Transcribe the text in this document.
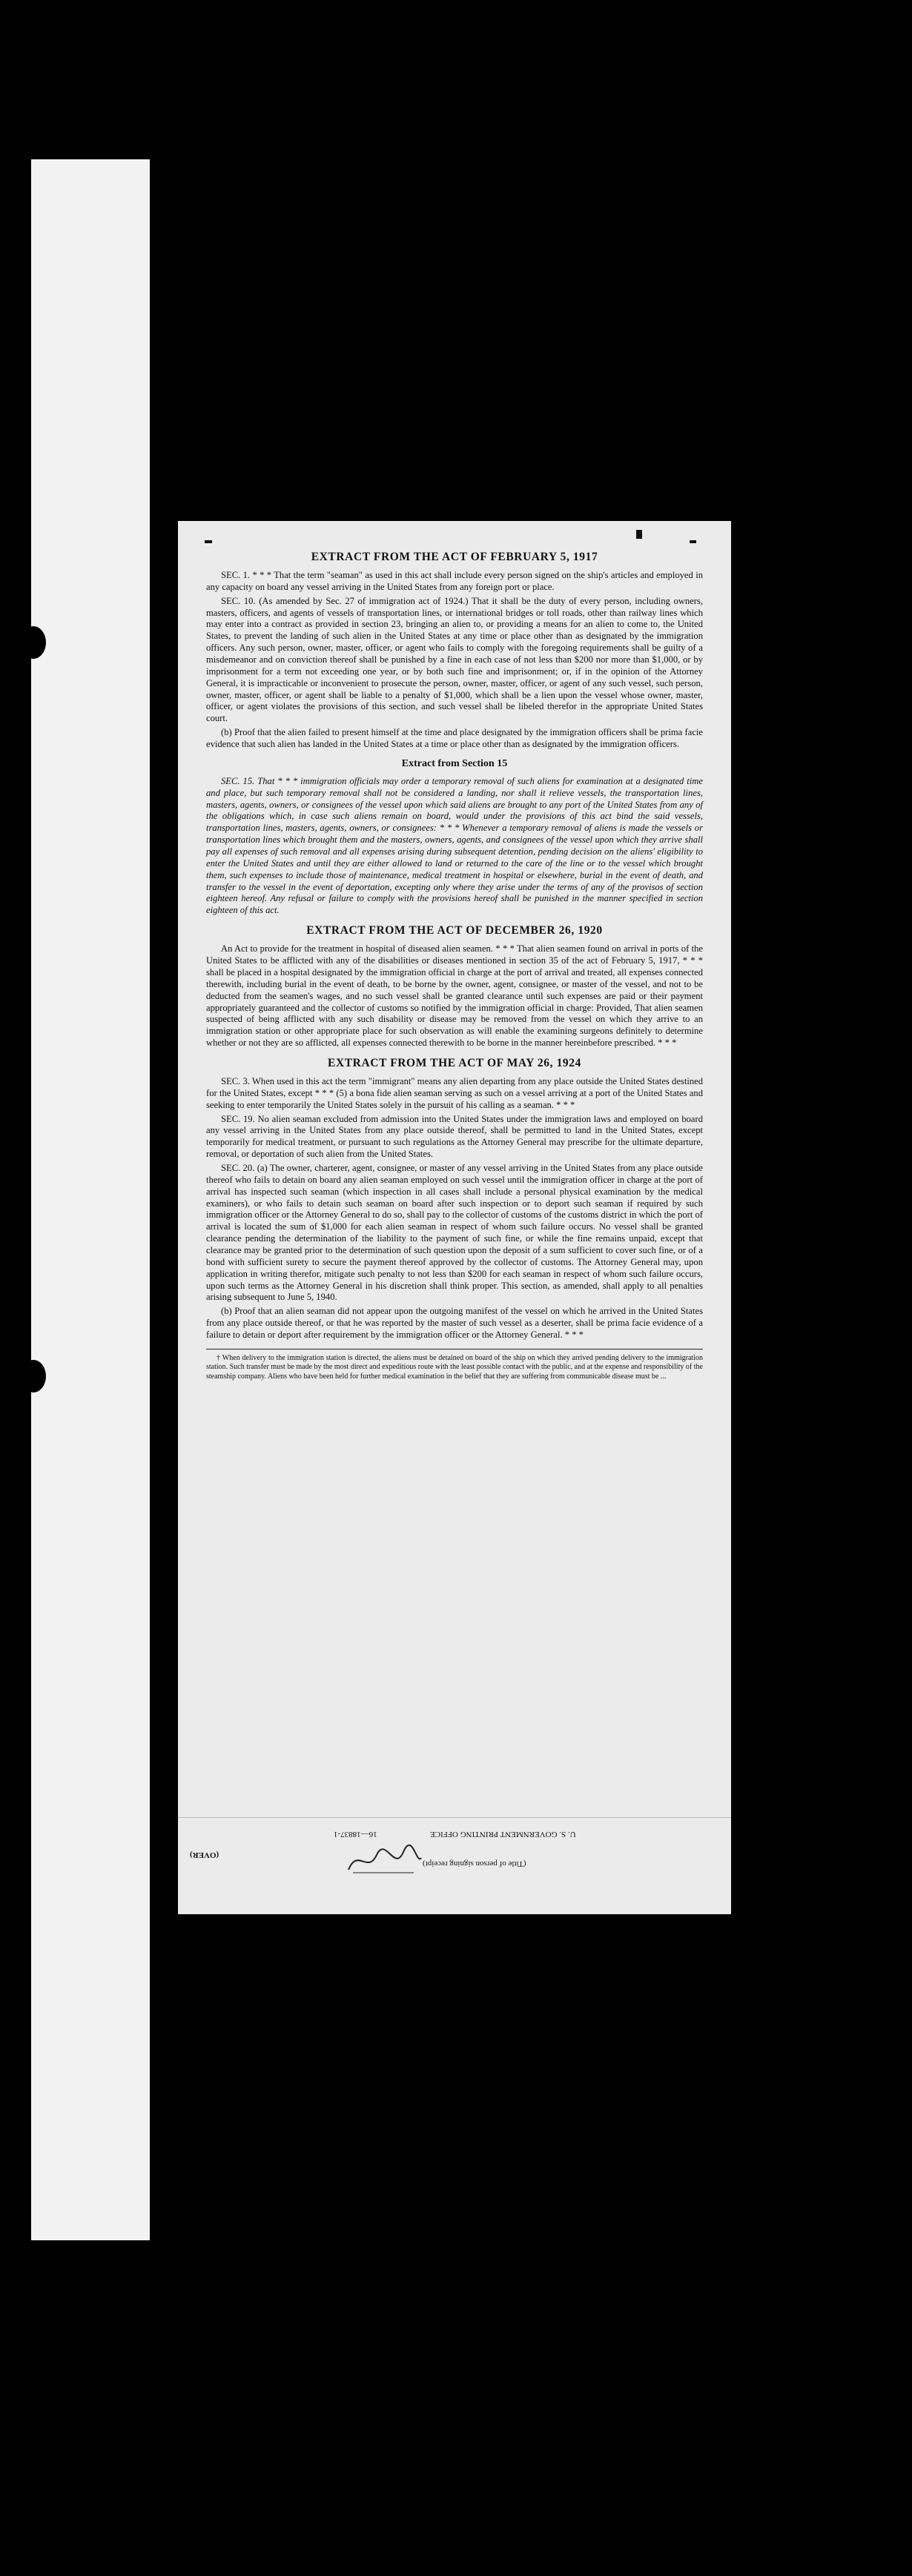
EXTRACT FROM THE ACT OF FEBRUARY 5, 1917

SEC. 1. * * * That the term "seaman" as used in this act shall include every person signed on the ship's articles and employed in any capacity on board any vessel arriving in the United States from any foreign port or place.

SEC. 10. (As amended by Sec. 27 of immigration act of 1924.) That it shall be the duty of every person, including owners, masters, officers, and agents of vessels of transportation lines, or international bridges or toll roads, other than railway lines which may enter into a contract as provided in section 23, bringing an alien to, or providing a means for an alien to come to, the United States, to prevent the landing of such alien in the United States at any time or place other than as designated by the immigration officers. Any such person, owner, master, officer, or agent who fails to comply with the foregoing requirements shall be guilty of a misdemeanor and on conviction thereof shall be punished by a fine in each case of not less than $200 nor more than $1,000, or by imprisonment for a term not exceeding one year, or by both such fine and imprisonment; or, if in the opinion of the Attorney General, it is impracticable or inconvenient to prosecute the person, owner, master, officer, or agent of any such vessel, such person, owner, master, officer, or agent shall be liable to a penalty of $1,000, which shall be a lien upon the vessel whose owner, master, officer, or agent violates the provisions of this section, and such vessel shall be libeled therefor in the appropriate United States court.

(b) Proof that the alien failed to present himself at the time and place designated by the immigration officers shall be prima facie evidence that such alien has landed in the United States at a time or place other than as designated by the immigration officers.

Extract from Section 15

SEC. 15. That * * * immigration officials may order a temporary removal of such aliens for examination at a designated time and place, but such temporary removal shall not be considered a landing, nor shall it relieve vessels, the transportation lines, masters, agents, owners, or consignees of the vessel upon which said aliens are brought to any port of the United States from any of the obligations which, in case such aliens remain on board, would under the provisions of this act bind the said vessels, transportation lines, masters, agents, owners, or consignees: * * * Whenever a temporary removal of aliens is made the vessels or transportation lines which brought them and the masters, owners, agents, and consignees of the vessel upon which they arrive shall pay all expenses of such removal and all expenses arising during subsequent detention, pending decision on the aliens' eligibility to enter the United States and until they are either allowed to land or returned to the care of the line or to the vessel which brought them, such expenses to include those of maintenance, medical treatment in hospital or elsewhere, burial in the event of death, and transfer to the vessel in the event of deportation, excepting only where they arise under the terms of any of the provisos of section eighteen hereof. Any refusal or failure to comply with the provisions hereof shall be punished in the manner specified in section eighteen of this act.

EXTRACT FROM THE ACT OF DECEMBER 26, 1920

An Act to provide for the treatment in hospital of diseased alien seamen. * * * That alien seamen found on arrival in ports of the United States to be afflicted with any of the disabilities or diseases mentioned in section 35 of the act of February 5, 1917, * * * shall be placed in a hospital designated by the immigration official in charge at the port of arrival and treated, all expenses connected therewith, including burial in the event of death, to be borne by the owner, agent, consignee, or master of the vessel, and not to be deducted from the seamen's wages, and no such vessel shall be granted clearance until such expenses are paid or their payment appropriately guaranteed and the collector of customs so notified by the immigration official in charge: Provided, That alien seamen suspected of being afflicted with any such disability or disease may be removed from the vessel on which they arrive to an immigration station or other appropriate place for such observation as will enable the examining surgeons definitely to determine whether or not they are so afflicted, all expenses connected therewith to be borne in the manner hereinbefore prescribed. * * *

EXTRACT FROM THE ACT OF MAY 26, 1924

SEC. 3. When used in this act the term "immigrant" means any alien departing from any place outside the United States destined for the United States, except * * * (5) a bona fide alien seaman serving as such on a vessel arriving at a port of the United States and seeking to enter temporarily the United States solely in the pursuit of his calling as a seaman. * * *

SEC. 19. No alien seaman excluded from admission into the United States under the immigration laws and employed on board any vessel arriving in the United States from any place outside thereof, shall be permitted to land in the United States, except temporarily for medical treatment, or pursuant to such regulations as the Attorney General may prescribe for the ultimate departure, removal, or deportation of such alien from the United States.

SEC. 20. (a) The owner, charterer, agent, consignee, or master of any vessel arriving in the United States from any place outside thereof who fails to detain on board any alien seaman employed on such vessel until the immigration officer in charge at the port of arrival has inspected such seaman (which inspection in all cases shall include a personal physical examination by the medical examiners), or who fails to detain such seaman on board after such inspection or to deport such seaman if required by such immigration officer or the Attorney General to do so, shall pay to the collector of customs of the customs district in which the port of arrival is located the sum of $1,000 for each alien seaman in respect of whom such failure occurs. No vessel shall be granted clearance pending the determination of the liability to the payment of such fine, or while the fine remains unpaid, except that clearance may be granted prior to the determination of such question upon the deposit of a sum sufficient to cover such fine, or of a bond with sufficient surety to secure the payment thereof approved by the collector of customs. The Attorney General may, upon application in writing therefor, mitigate such penalty to not less than $200 for each seaman in respect of whom such failure occurs, upon such terms as the Attorney General in his discretion shall think proper. This section, as amended, shall apply to all penalties arising subsequent to June 5, 1940.

(b) Proof that an alien seaman did not appear upon the outgoing manifest of the vessel on which he arrived in the United States from any place outside thereof, or that he was reported by the master of such vessel as a deserter, shall be prima facie evidence of a failure to detain or deport after requirement by the immigration officer or the Attorney General. * * *

† When delivery to the immigration station is directed, the aliens must be detained on board of the ship on which they arrived pending delivery to the immigration station. Such transfer must be made by the most direct and expeditious route with the least possible contact with the public, and at the expense and responsibility of the steamship company. Aliens who have been held for further medical examination in the belief that they are suffering from communicable disease must be ...

(OVER)
16—18837-1	U. S. GOVERNMENT PRINTING OFFICE
(Title of person signing receipt)
